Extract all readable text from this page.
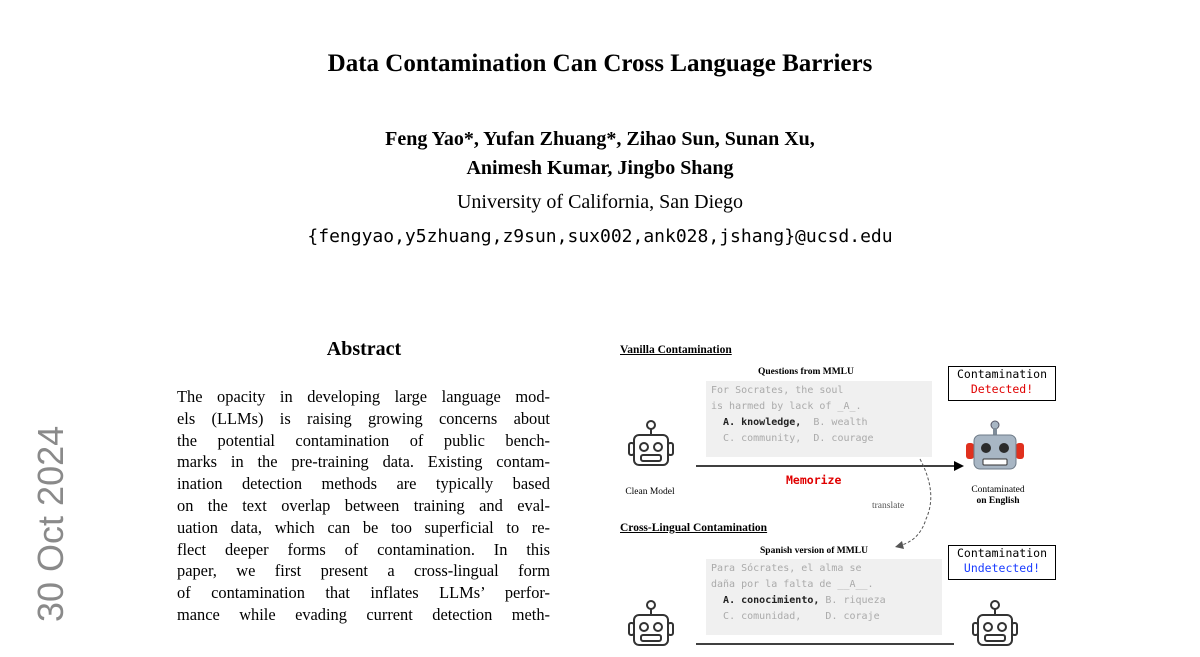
Data Contamination Can Cross Language Barriers
Feng Yao*, Yufan Zhuang*, Zihao Sun, Sunan Xu,
Animesh Kumar, Jingbo Shang
University of California, San Diego
{fengyao,y5zhuang,z9sun,sux002,ank028,jshang}@ucsd.edu
30 Oct 2024
Abstract
The opacity in developing large language mod-
els (LLMs) is raising growing concerns about
the potential contamination of public bench-
marks in the pre-training data. Existing contam-
ination detection methods are typically based
on the text overlap between training and eval-
uation data, which can be too superficial to re-
flect deeper forms of contamination. In this
paper, we first present a cross-lingual form
of contamination that inflates LLMs’ perfor-
mance while evading current detection meth-
Vanilla Contamination
Questions from MMLU
For Socrates, the soul
is harmed by lack of _A_.
A. knowledge, B. wealth
C. community, D. courage
Contamination
Detected!
Clean Model
Memorize
Contaminated
on English
translate
Cross-Lingual Contamination
Spanish version of MMLU
Para Sócrates, el alma se
daña por la falta de __A__.
A. conocimiento, B. riqueza
C. comunidad, D. coraje
Contamination
Undetected!
